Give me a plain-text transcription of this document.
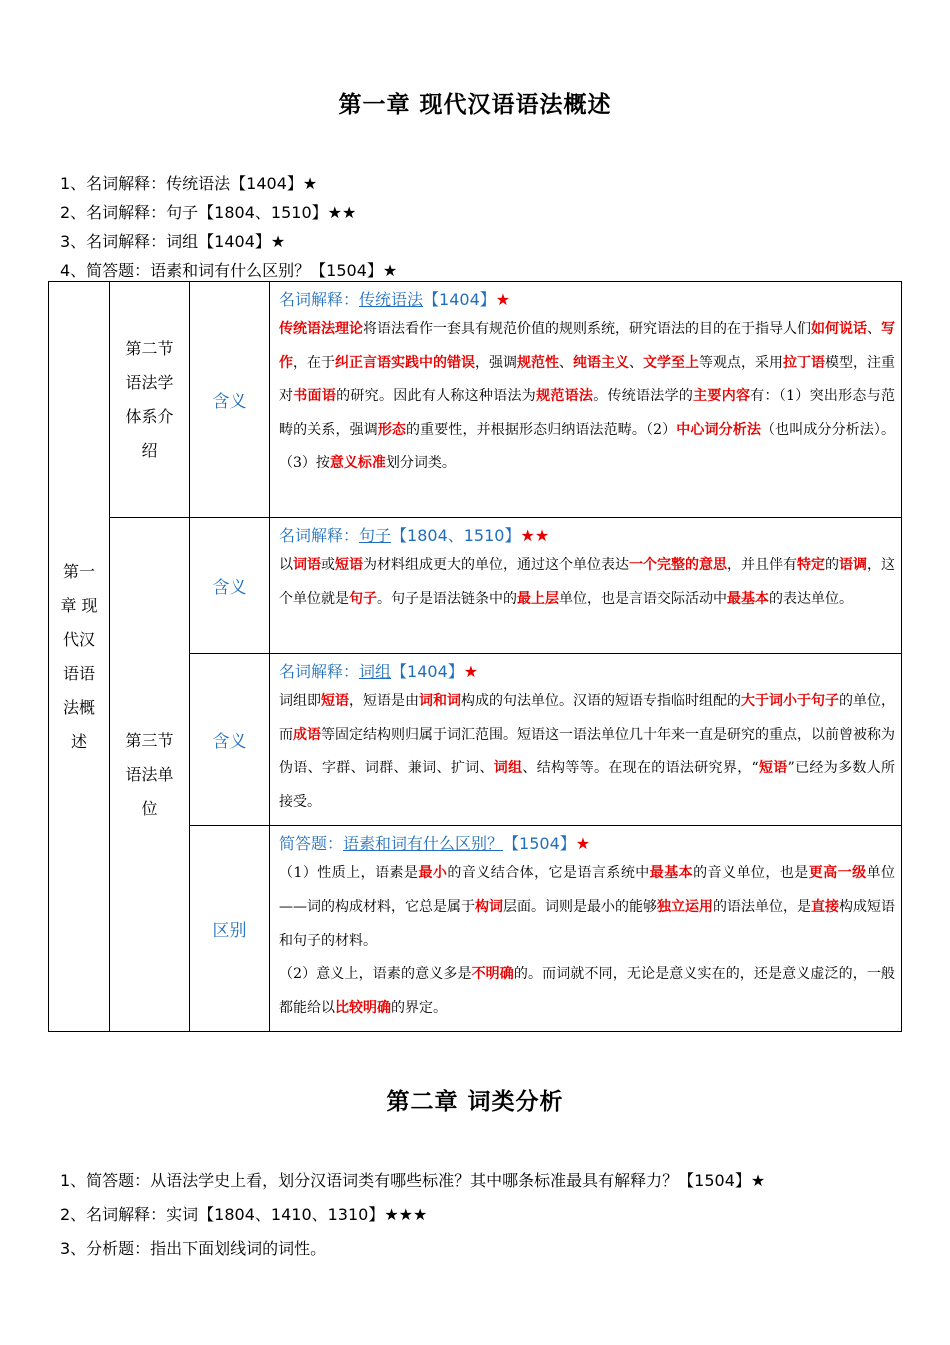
第一章 现代汉语语法概述
1、名词解释：传统语法【1404】★
2、名词解释：句子【1804、1510】★★
3、名词解释：词组【1404】★
4、简答题：语素和词有什么区别？【1504】★
第一章 现代汉语语法概述	第二节语法学体系介绍	含义	名词解释：传统语法【1404】★
传统语法理论将语法看作一套具有规范价值的规则系统，研究语法的目的在于指导人们如何说话、写作，在于纠正言语实践中的错误，强调规范性、纯语主义、文学至上等观点，采用拉丁语模型，注重对书面语的研究。因此有人称这种语法为规范语法。传统语法学的主要内容有：（1）突出形态与范畴的关系，强调形态的重要性，并根据形态归纳语法范畴。（2）中心词分析法（也叫成分分析法）。（3）按意义标准划分词类。

	第三节语法单位	含义	名词解释：句子【1804、1510】★★
以词语或短语为材料组成更大的单位，通过这个单位表达一个完整的意思，并且伴有特定的语调，这个单位就是句子。句子是语法链条中的最上层单位，也是言语交际活动中最基本的表达单位。

		含义	名词解释：词组【1404】★
词组即短语，短语是由词和词构成的句法单位。汉语的短语专指临时组配的大于词小于句子的单位，而成语等固定结构则归属于词汇范围。短语这一语法单位几十年来一直是研究的重点，以前曾被称为伪语、字群、词群、兼词、扩词、词组、结构等等。在现在的语法研究界，“短语”已经为多数人所接受。

		区别	简答题：语素和词有什么区别？【1504】★
（1）性质上，语素是最小的音义结合体，它是语言系统中最基本的音义单位，也是更高一级单位——词的构成材料，它总是属于构词层面。词则是最小的能够独立运用的语法单位，是直接构成短语和句子的材料。
（2）意义上，语素的意义多是不明确的。而词就不同，无论是意义实在的，还是意义虚泛的，一般都能给以比较明确的界定。
第二章 词类分析
1、简答题：从语法学史上看，划分汉语词类有哪些标准？其中哪条标准最具有解释力？【1504】★
2、名词解释：实词【1804、1410、1310】★★★
3、分析题：指出下面划线词的词性。
